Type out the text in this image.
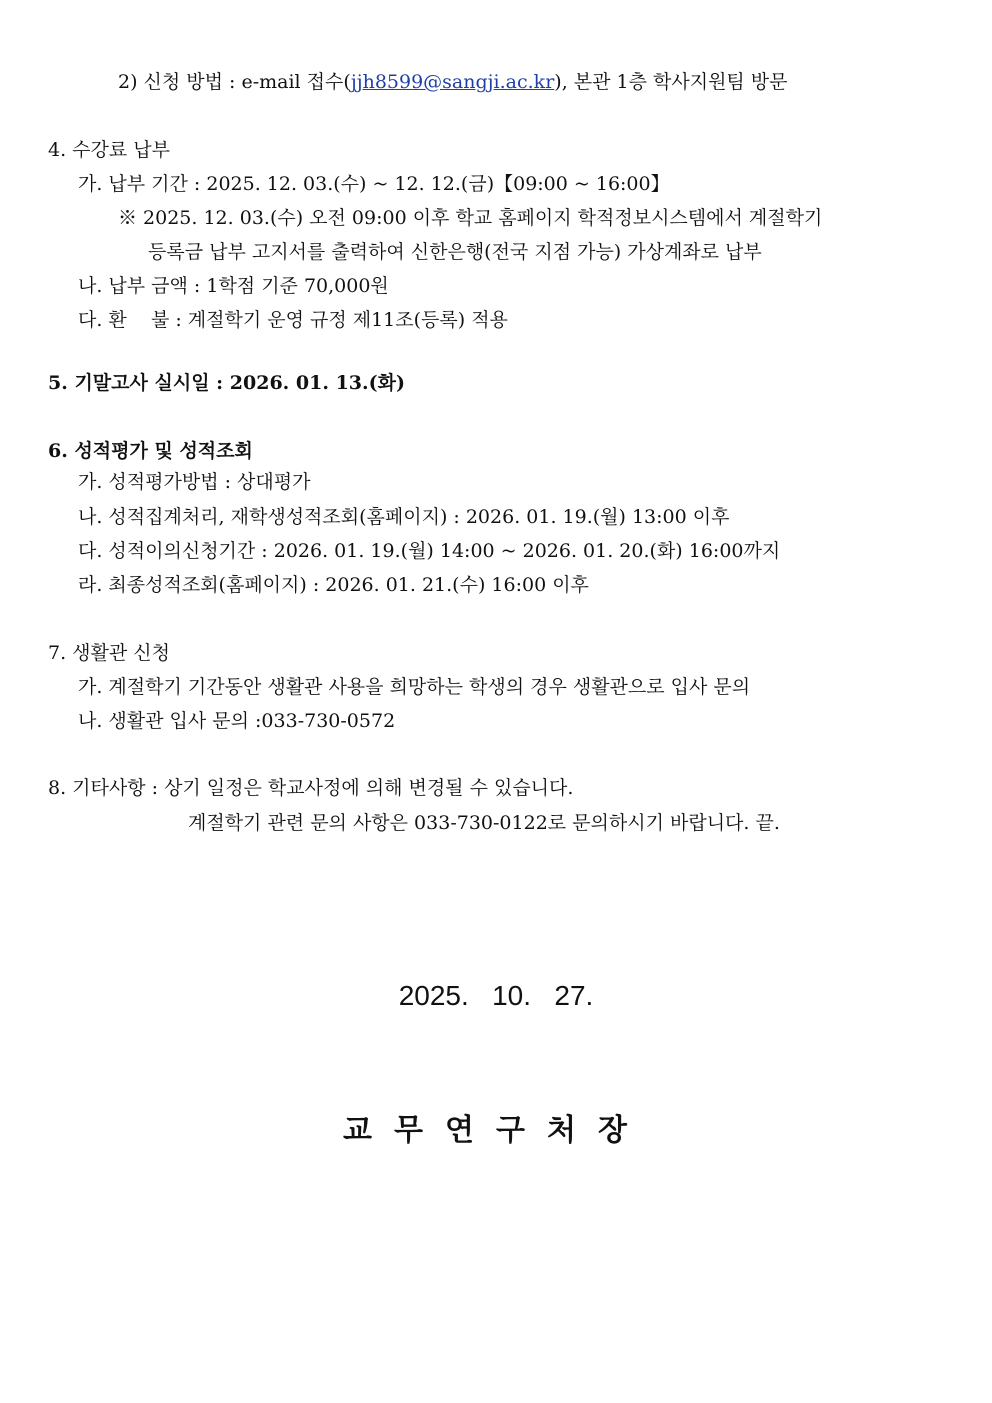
2) 신청 방법 : e-mail 접수(jjh8599@sangji.ac.kr), 본관 1층 학사지원팀 방문
4. 수강료 납부
가. 납부 기간 : 2025. 12. 03.(수) ~ 12. 12.(금)【09:00 ~ 16:00】
※ 2025. 12. 03.(수) 오전 09:00 이후 학교 홈페이지 학적정보시스템에서 계절학기
등록금 납부 고지서를 출력하여 신한은행(전국 지점 가능) 가상계좌로 납부
나. 납부 금액 : 1학점 기준 70,000원
다. 환    불 : 계절학기 운영 규정 제11조(등록) 적용
5. 기말고사 실시일 : 2026. 01. 13.(화)
6. 성적평가 및 성적조회
가. 성적평가방법 : 상대평가
나. 성적집계처리, 재학생성적조회(홈페이지) : 2026. 01. 19.(월) 13:00 이후
다. 성적이의신청기간 : 2026. 01. 19.(월) 14:00 ~ 2026. 01. 20.(화) 16:00까지
라. 최종성적조회(홈페이지) : 2026. 01. 21.(수) 16:00 이후
7. 생활관 신청
가. 계절학기 기간동안 생활관 사용을 희망하는 학생의 경우 생활관으로 입사 문의
나. 생활관 입사 문의 :033-730-0572
8. 기타사항 : 상기 일정은 학교사정에 의해 변경될 수 있습니다.
계절학기 관련 문의 사항은 033-730-0122로 문의하시기 바랍니다. 끝.
2025.   10.   27.
교무연구처장
